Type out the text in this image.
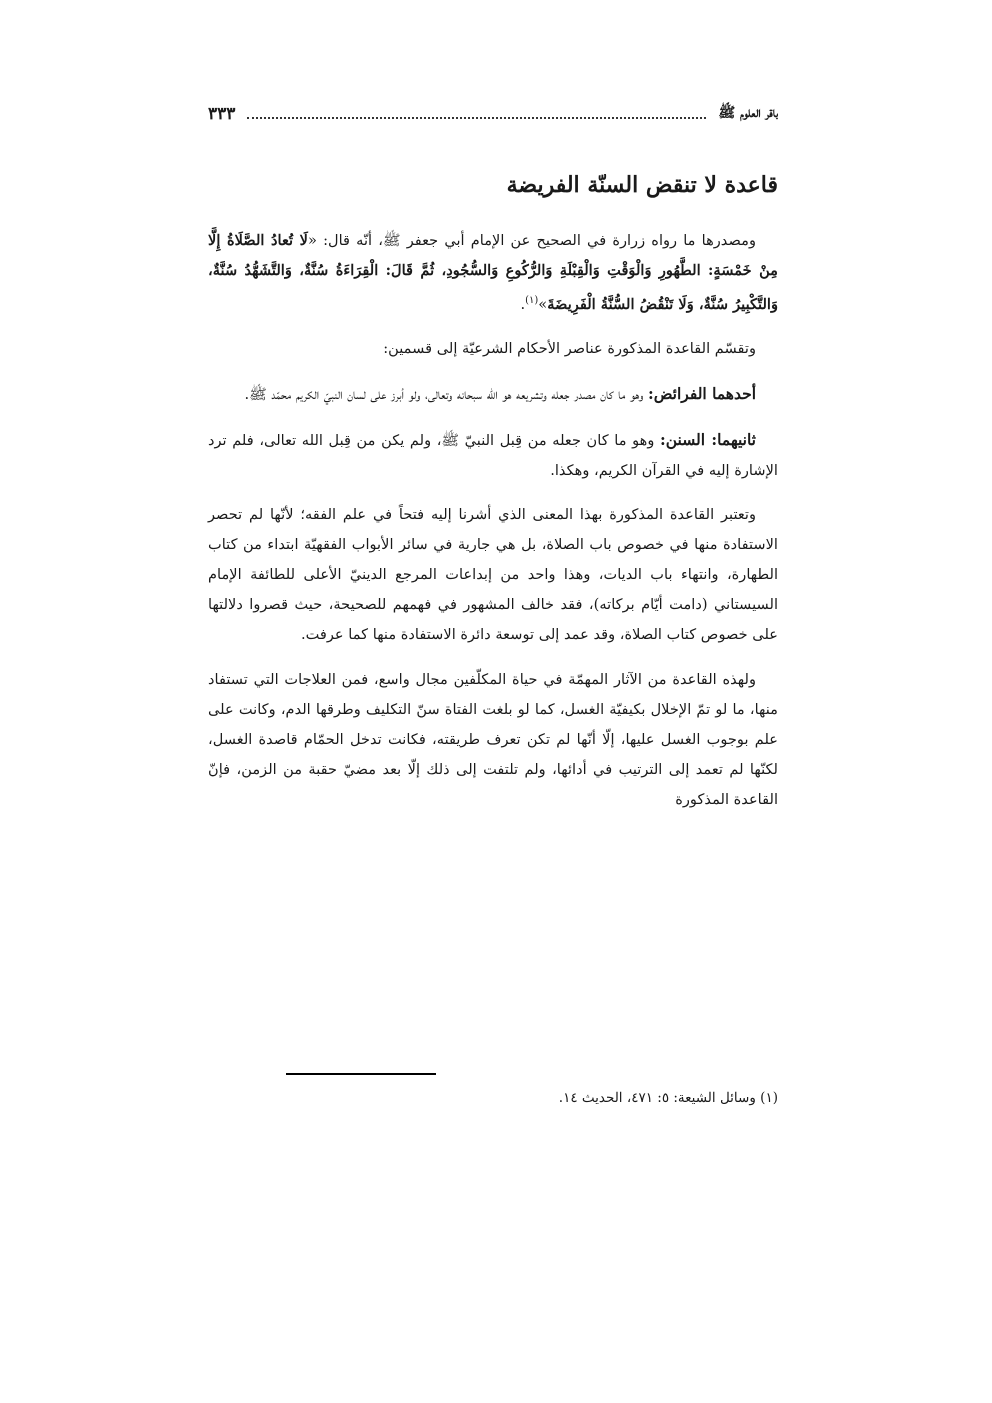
باقر العلوم ﷺ
٣٣٣
قاعدة لا تنقض السنّة الفريضة

ومصدرها ما رواه زرارة في الصحيح عن الإمام أبي جعفر ﷺ، أنّه قال: «لَا تُعادُ الصَّلَاةُ إِلَّا مِنْ خَمْسَةٍ: الطَّهُورِ وَالْوَقْتِ وَالْقِبْلَةِ وَالرُّكُوعِ وَالسُّجُودِ، ثُمَّ قَالَ: الْقِرَاءَةُ سُنَّةٌ، وَالتَّشَهُّدُ سُنَّةٌ، وَالتَّكْبِيرُ سُنَّةٌ، وَلَا تَنْقُضُ السُّنَّةُ الْفَرِيضَةَ»$^{(١)}$.

وتقسّم القاعدة المذكورة عناصر الأحكام الشرعيّة إلى قسمين:

أحدهما الفرائض: وهو ما كان مصدر جعله وتشريعه هو الله سبحانه وتعالى، ولو أبرز على لسان النبيّ الكريم محمّد ﷺ.

ثانيهما: السنن: وهو ما كان جعله من قِبل النبيّ ﷺ، ولم يكن من قِبل الله تعالى، فلم ترد الإشارة إليه في القرآن الكريم، وهكذا.

وتعتبر القاعدة المذكورة بهذا المعنى الذي أشرنا إليه فتحاً في علم الفقه؛ لأنّها لم تحصر الاستفادة منها في خصوص باب الصلاة، بل هي جارية في سائر الأبواب الفقهيّة ابتداء من كتاب الطهارة، وانتهاء باب الديات، وهذا واحد من إبداعات المرجع الدينيّ الأعلى للطائفة الإمام السيستاني (دامت أيّام بركاته)، فقد خالف المشهور في فهمهم للصحيحة، حيث قصروا دلالتها على خصوص كتاب الصلاة، وقد عمد إلى توسعة دائرة الاستفادة منها كما عرفت.

ولهذه القاعدة من الآثار المهمّة في حياة المكلّفين مجال واسع، فمن العلاجات التي تستفاد منها، ما لو تمّ الإخلال بكيفيّة الغسل، كما لو بلغت الفتاة سنّ التكليف وطرقها الدم، وكانت على علم بوجوب الغسل عليها، إلّا أنّها لم تكن تعرف طريقته، فكانت تدخل الحمّام قاصدة الغسل، لكنّها لم تعمد إلى الترتيب في أدائها، ولم تلتفت إلى ذلك إلّا بعد مضيّ حقبة من الزمن، فإنّ القاعدة المذكورة

(١) وسائل الشيعة: ٥: ٤٧١، الحديث ١٤.
